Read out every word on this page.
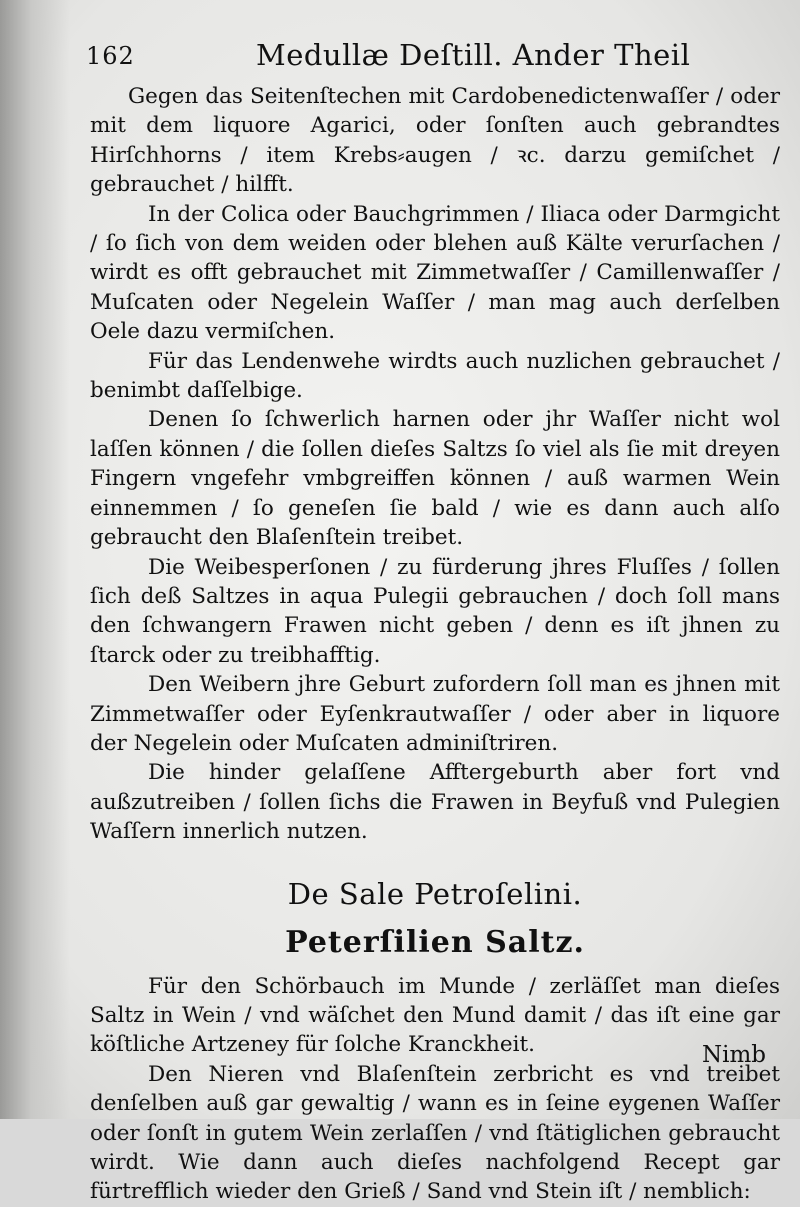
162	Medullæ Deſtill. Ander Theil

Gegen das Seitenſtechen mit Cardobenedictenwaſſer / oder mit dem liquore Agarici, oder ſonſten auch gebrandtes Hirſchhorns / item Krebs⸗augen / ꝛc. darzu gemiſchet / gebrauchet / hilfft.

In der Colica oder Bauchgrimmen / Iliaca oder Darmgicht / ſo ſich von dem weiden oder blehen auß Kälte verurſachen / wirdt es offt gebrauchet mit Zimmetwaſſer / Camillenwaſſer / Muſcaten oder Negelein Waſſer / man mag auch derſelben Oele dazu vermiſchen.

Für das Lendenwehe wirdts auch nuzlichen gebrauchet / benimbt daſſelbige.

Denen ſo ſchwerlich harnen oder jhr Waſſer nicht wol laſſen können / die ſollen dieſes Saltzs ſo viel als ſie mit dreyen Fingern vngefehr vmbgreiffen können / auß warmen Wein einnemmen / ſo geneſen ſie bald / wie es dann auch alſo gebraucht den Blaſenſtein treibet.

Die Weibesperſonen / zu fürderung jhres Fluſſes / ſollen ſich deß Saltzes in aqua Pulegii gebrauchen / doch ſoll mans den ſchwangern Frawen nicht geben / denn es iſt jhnen zu ſtarck oder zu treibhafftig.

Den Weibern jhre Geburt zufordern ſoll man es jhnen mit Zimmetwaſſer oder Eyſenkrautwaſſer / oder aber in liquore der Negelein oder Muſcaten adminiſtriren.

Die hinder gelaſſene Afftergeburth aber fort vnd außzutreiben / ſollen ſichs die Frawen in Beyfuß vnd Pulegien Waſſern innerlich nutzen.

De Sale Petroſelini.
Peterſilien Saltz.

Für den Schörbauch im Munde / zerläſſet man dieſes Saltz in Wein / vnd wäſchet den Mund damit / das iſt eine gar köſtliche Artzeney für ſolche Kranckheit.

Den Nieren vnd Blaſenſtein zerbricht es vnd treibet denſelben auß gar gewaltig / wann es in ſeine eygenen Waſſer oder ſonſt in gutem Wein zerlaſſen / vnd ſtätiglichen gebraucht wirdt. Wie dann auch dieſes nachfolgend Recept gar fürtrefflich wieder den Grieß / Sand vnd Stein iſt / nemblich:

Nimb
